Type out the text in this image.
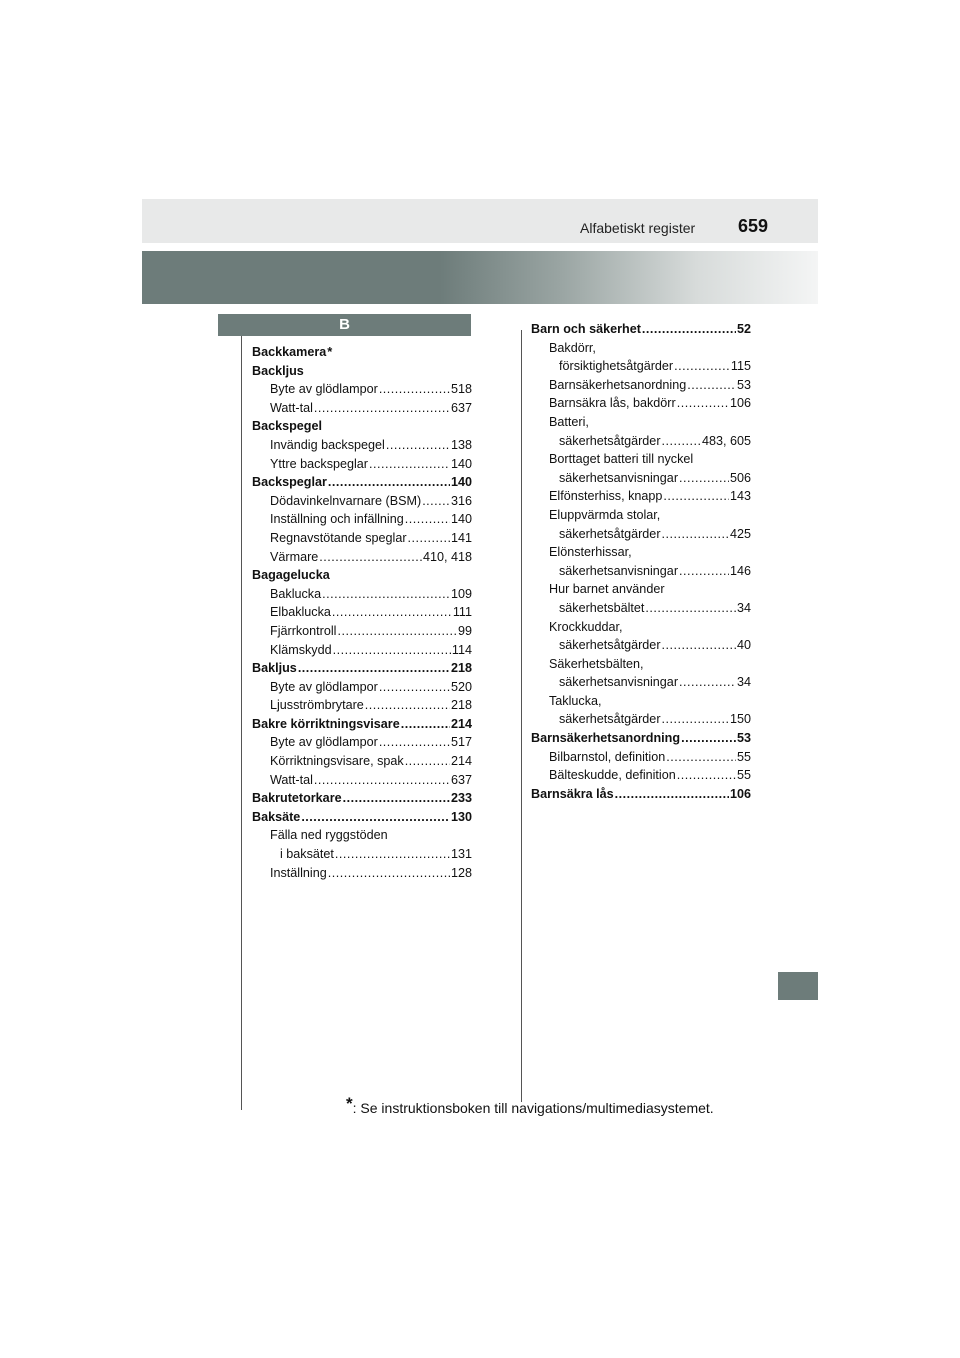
Alfabetiskt register 659
B
Backkamera *
Backljus
Byte av glödlampor .....	518
Watt-tal .....	637
Backspegel
Invändig backspegel .....	138
Yttre backspeglar .....	140
Backspeglar .....	140
Dödavinkelnvarnare (BSM) ..... 316
Inställning och infällning .....	140
Regnavstötande speglar .....	141
Värmare .....	410, 418
Bagagelucka
Baklucka .....	109
Elbaklucka .....	111
Fjärrkontroll .....	99
Klämskydd .....	114
Bakljus .....	218
Byte av glödlampor .....	520
Ljusströmbrytare .....	218
Bakre körriktningsvisare .....	214
Byte av glödlampor .....	517
Körriktningsvisare, spak .....	214
Watt-tal .....	637
Bakrutetorkare .....	233
Baksäte .....	130
Fälla ned ryggstöden
i baksätet .....	131
Inställning .....	128
Barn och säkerhet .....	52
Bakdörr,
försiktighetsåtgärder .....	115
Barnsäkerhetsanordning .....	53
Barnsäkra lås, bakdörr .....	106
Batteri,
säkerhetsåtgärder .....	483, 605
Borttaget batteri till nyckel
säkerhetsanvisningar .....	506
Elfönsterhiss, knapp .....	143
Eluppvärmda stolar,
säkerhetsåtgärder .....	425
Elönsterhissar,
säkerhetsanvisningar .....	146
Hur barnet använder
säkerhetsbältet .....	34
Krockkuddar,
säkerhetsåtgärder .....	40
Säkerhetsbälten,
säkerhetsanvisningar .....	34
Taklucka,
säkerhetsåtgärder .....	150
Barnsäkerhetsanordning .....	53
Bilbarnstol, definition .....	55
Bälteskudde, definition .....	55
Barnsäkra lås .....	106
*: Se instruktionsboken till navigations/multimediasystemet.
